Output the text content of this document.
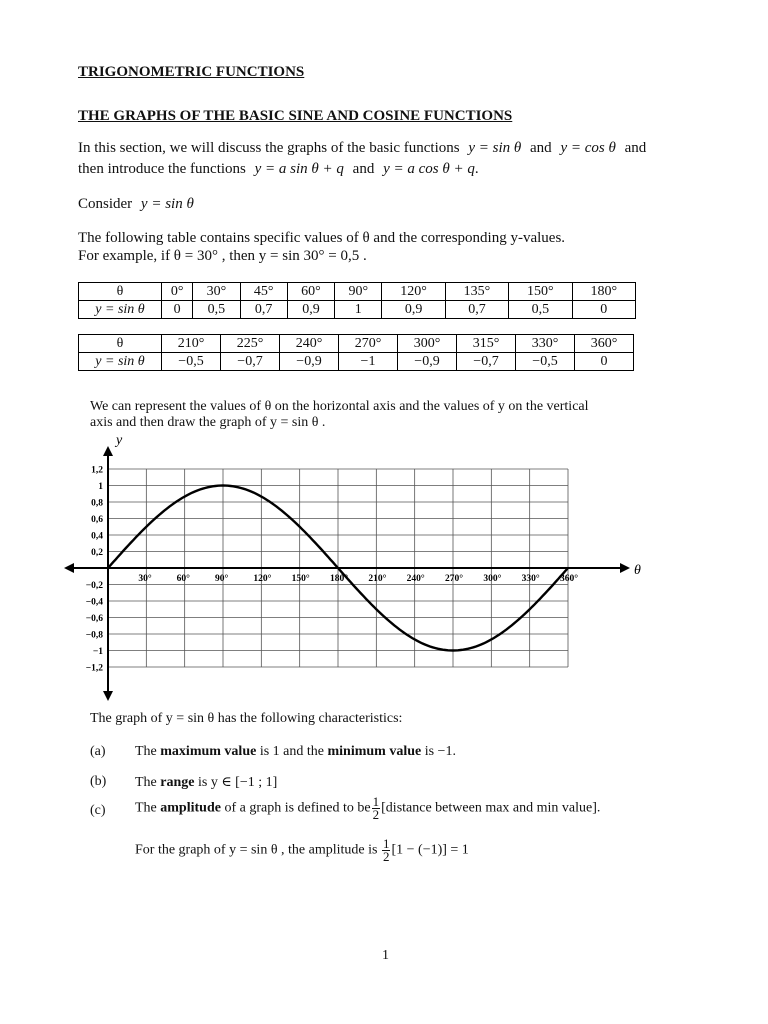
TRIGONOMETRIC FUNCTIONS
THE GRAPHS OF THE BASIC SINE AND COSINE FUNCTIONS
In this section, we will discuss the graphs of the basic functions y = sin θ and y = cos θ and
then introduce the functions y = a sin θ + q and y = a cos θ + q.
Consider y = sin θ
The following table contains specific values of θ and the corresponding y-values.
For example, if θ = 30° , then y = sin 30° = 0,5 .
θ	0°	30°	45°	60°	90°	120°	135°	150°	180°
y = sin θ	0	0,5	0,7	0,9	1	0,9	0,7	0,5	0
θ	210°	225°	240°	270°	300°	315°	330°	360°
y = sin θ	−0,5	−0,7	−0,9	−1	−0,9	−0,7	−0,5	0
We can represent the values of θ on the horizontal axis and the values of y on the vertical
axis and then draw the graph of y = sin θ .
θ
y
30°	60°	90°	120° 150° 180° 210° 240° 270° 300° 330° 360°
1,2
1
0,8
0,6
0,4
0,2
−0,2
−0,4
−0,6
−0,8
−1
−1,2
The graph of y = sin θ has the following characteristics:
(a) The maximum value is 1 and the minimum value is −1.
(b) The range is y ∈ [−1 ; 1]
(c) The amplitude of a graph is defined to be $\frac{1}{2}$ [distance between max and min value].
For the graph of y = sin θ , the amplitude is $\frac{1}{2} [1 - (-1)] = 1$
1
